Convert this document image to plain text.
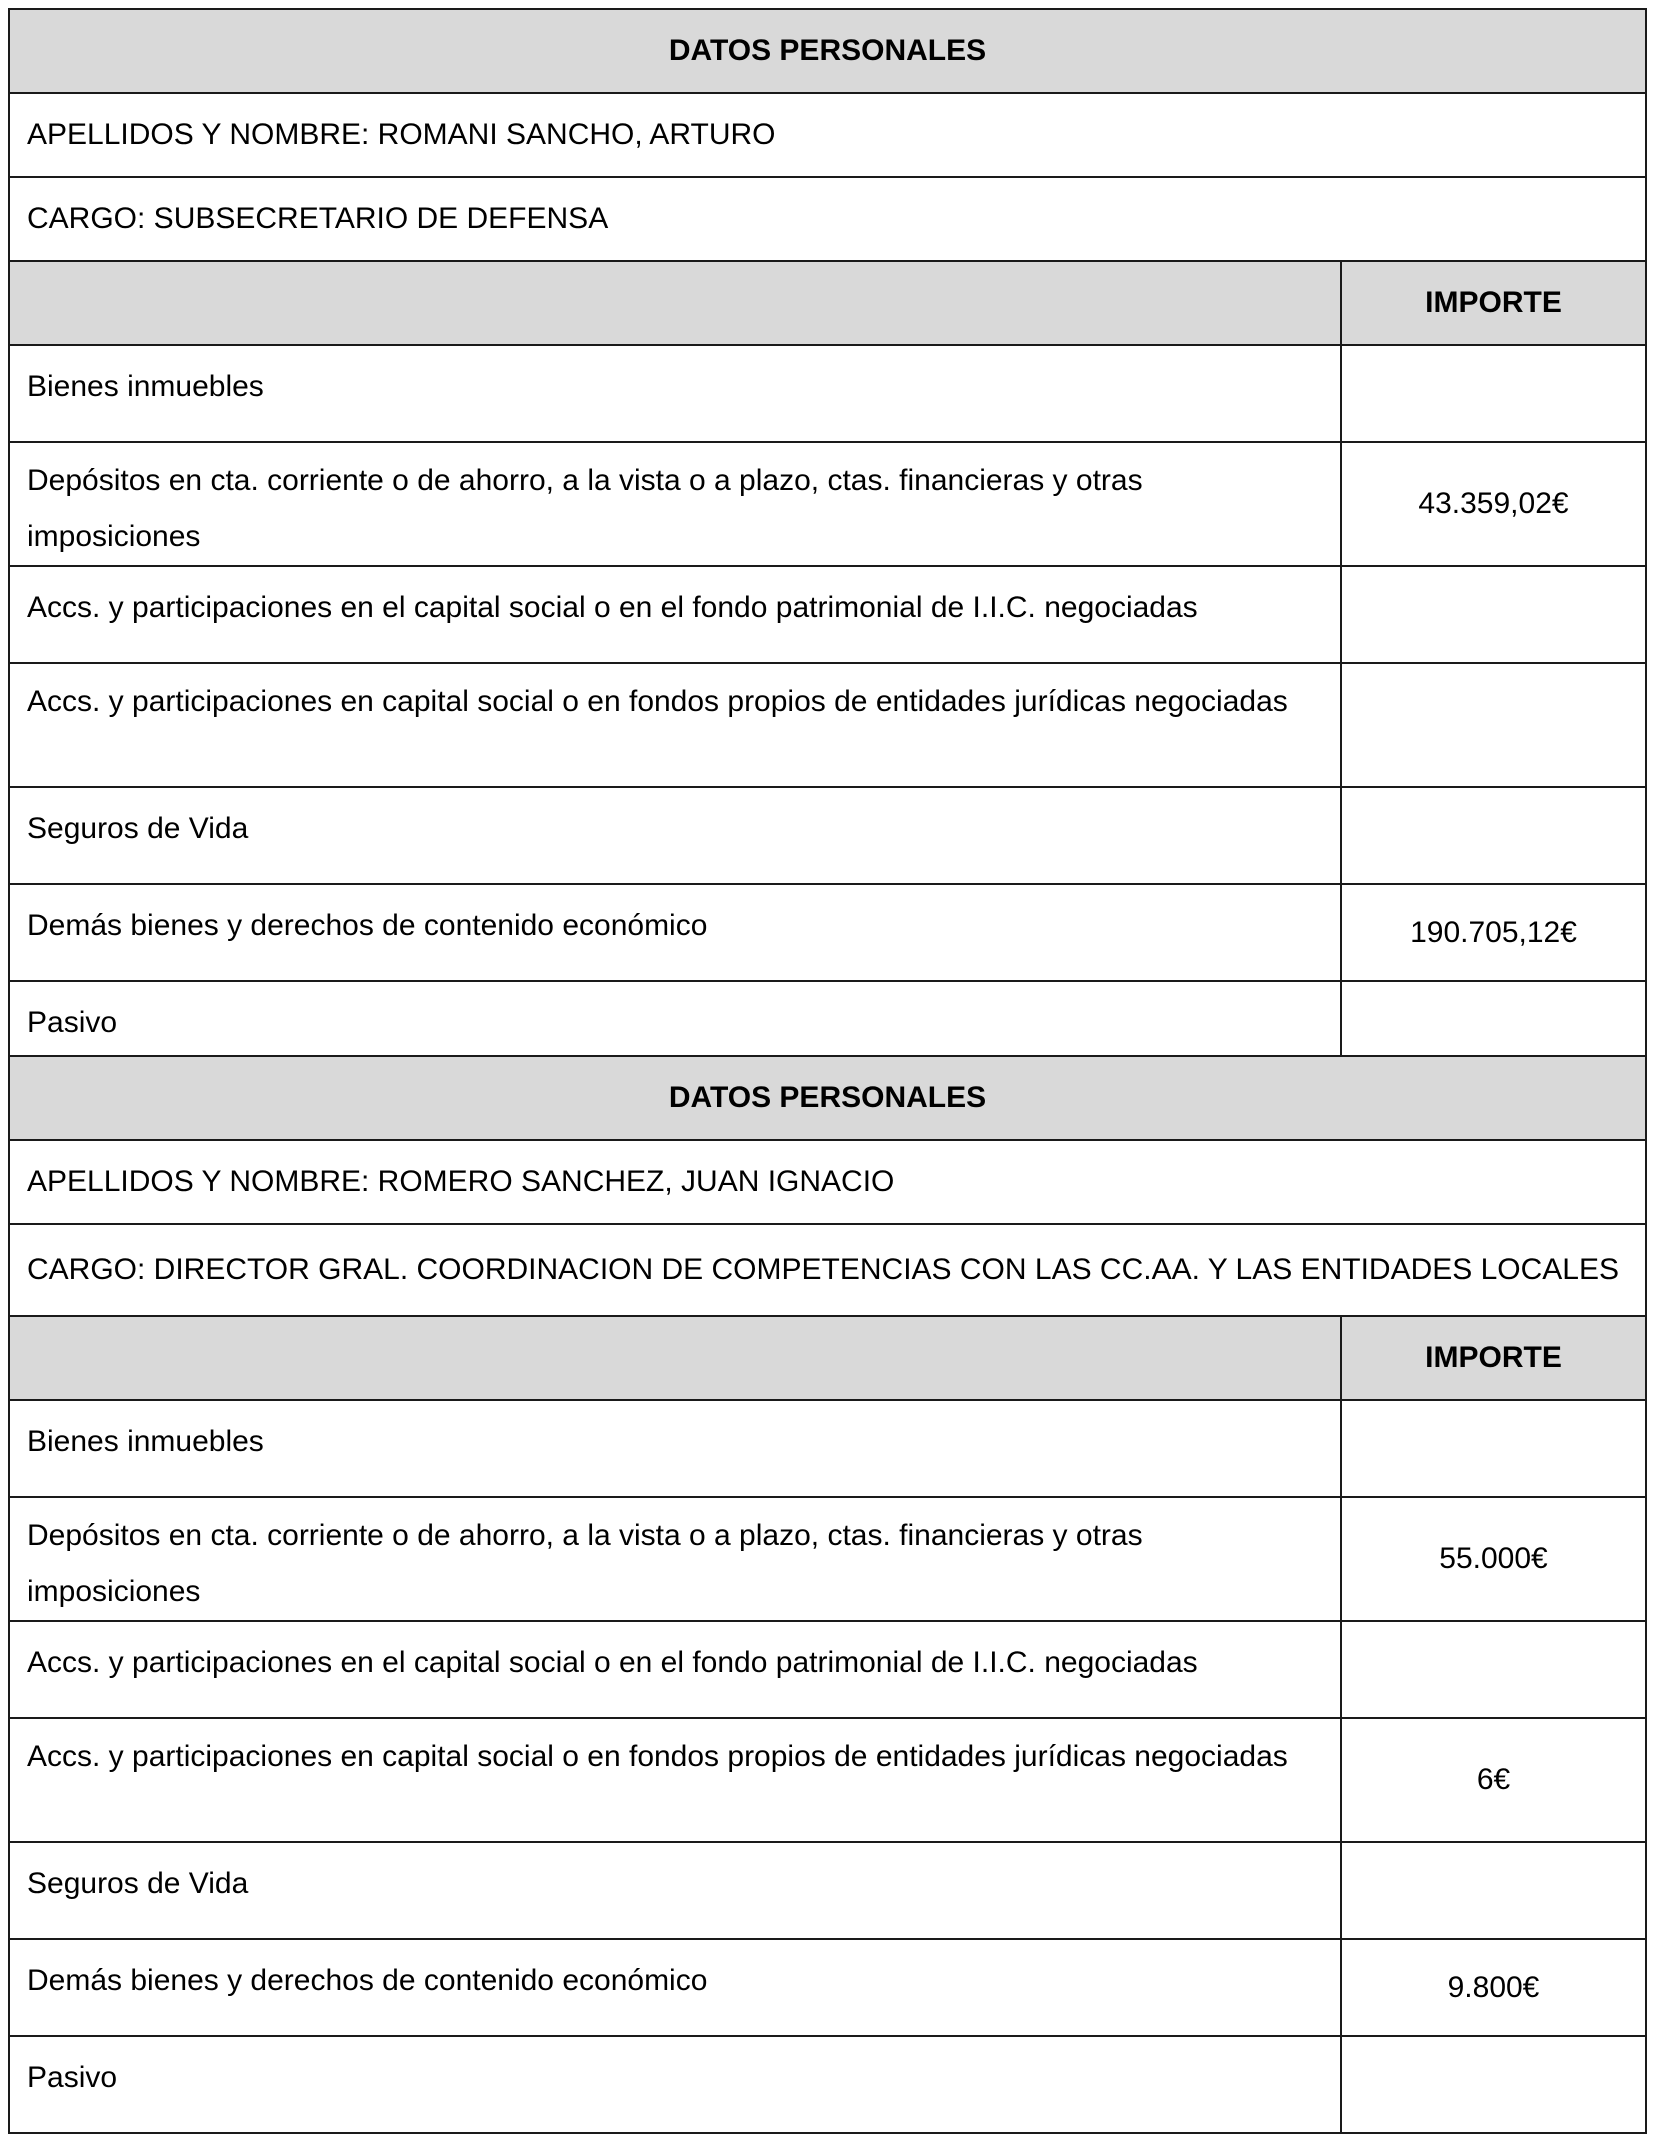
DATOS PERSONALES	
APELLIDOS Y NOMBRE: ROMANI SANCHO, ARTURO	
CARGO: SUBSECRETARIO DE DEFENSA	
	IMPORTE
Bienes inmuebles	
Depósitos en cta. corriente o de ahorro, a la vista o a plazo, ctas. financieras y otras imposiciones	43.359,02€
Accs. y participaciones en el capital social o en el fondo patrimonial de I.I.C. negociadas	
Accs. y participaciones en capital social o en fondos propios de entidades jurídicas negociadas	
Seguros de Vida	
Demás bienes y derechos de contenido económico	190.705,12€
Pasivo	
DATOS PERSONALES	
APELLIDOS Y NOMBRE: ROMERO SANCHEZ, JUAN IGNACIO	
CARGO: DIRECTOR GRAL. COORDINACION DE COMPETENCIAS CON LAS CC.AA. Y LAS ENTIDADES LOCALES	
	IMPORTE
Bienes inmuebles	
Depósitos en cta. corriente o de ahorro, a la vista o a plazo, ctas. financieras y otras imposiciones	55.000€
Accs. y participaciones en el capital social o en el fondo patrimonial de I.I.C. negociadas	
Accs. y participaciones en capital social o en fondos propios de entidades jurídicas negociadas	6€
Seguros de Vida	
Demás bienes y derechos de contenido económico	9.800€
Pasivo	
